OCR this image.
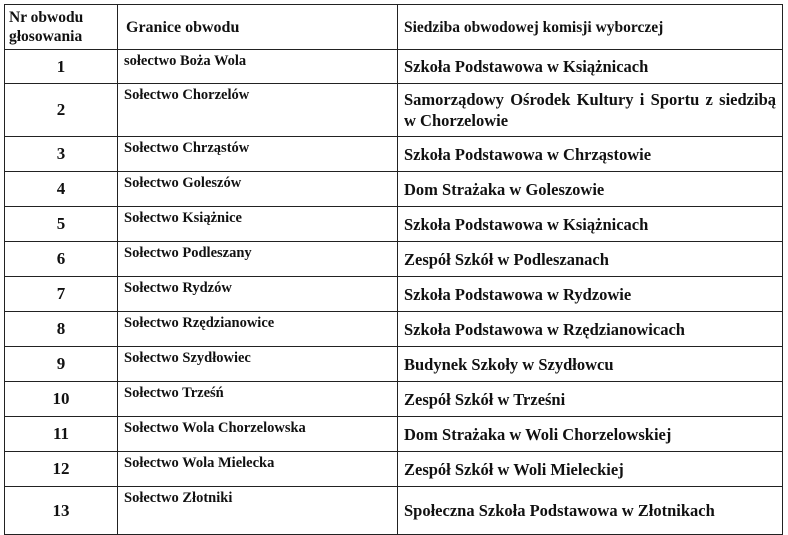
Nr obwodu głosowania	Granice obwodu	Siedziba obwodowej komisji wyborczej
1	sołectwo Boża Wola	Szkoła Podstawowa w Książnicach
2	Sołectwo Chorzelów	Samorządowy Ośrodek Kultury i Sportu z siedzibą w Chorzelowie

3	Sołectwo Chrząstów	Szkoła Podstawowa w Chrząstowie
4	Sołectwo Goleszów	Dom Strażaka w Goleszowie
5	Sołectwo Książnice	Szkoła Podstawowa w Książnicach
6	Sołectwo Podleszany	Zespół Szkół w Podleszanach
7	Sołectwo Rydzów	Szkoła Podstawowa w Rydzowie
8	Sołectwo Rzędzianowice	Szkoła Podstawowa w Rzędzianowicach
9	Sołectwo Szydłowiec	Budynek Szkoły w Szydłowcu
10	Sołectwo Trześń	Zespół Szkół w Trześni
11	Sołectwo Wola Chorzelowska	Dom Strażaka w Woli Chorzelowskiej
12	Sołectwo Wola Mielecka	Zespół Szkół w Woli Mieleckiej
13	Sołectwo Złotniki	Społeczna Szkoła Podstawowa w Złotnikach
